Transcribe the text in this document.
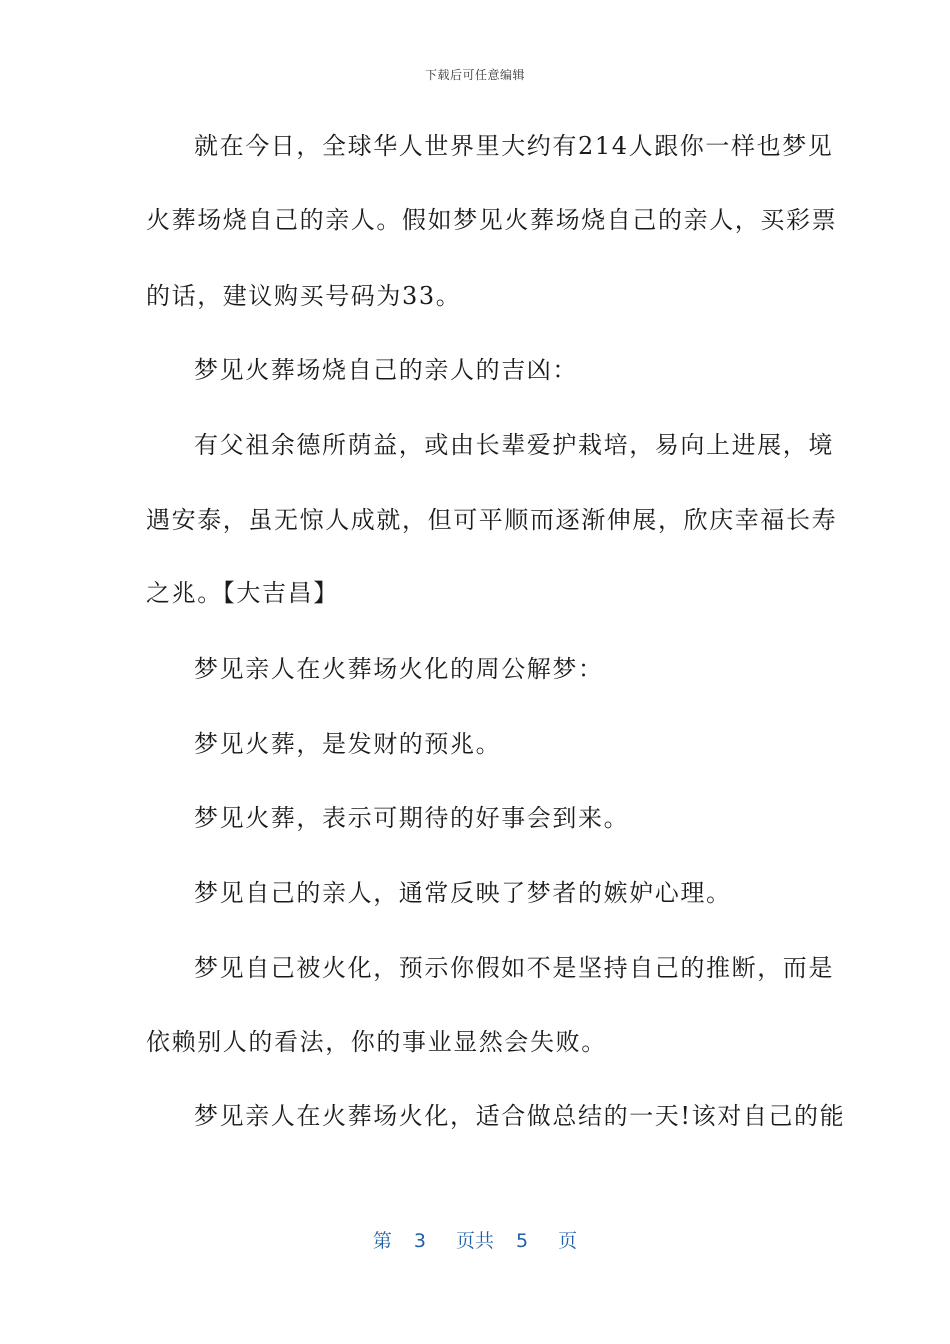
下载后可任意编辑
就在今日，全球华人世界里大约有214人跟你一样也梦见
火葬场烧自己的亲人。假如梦见火葬场烧自己的亲人，买彩票
的话，建议购买号码为33。
梦见火葬场烧自己的亲人的吉凶：
有父祖余德所荫益，或由长辈爱护栽培，易向上进展，境
遇安泰，虽无惊人成就，但可平顺而逐渐伸展，欣庆幸福长寿
之兆。【大吉昌】
梦见亲人在火葬场火化的周公解梦：
梦见火葬，是发财的预兆。
梦见火葬，表示可期待的好事会到来。
梦见自己的亲人，通常反映了梦者的嫉妒心理。
梦见自己被火化，预示你假如不是坚持自己的推断，而是
依赖别人的看法，你的事业显然会失败。
梦见亲人在火葬场火化，适合做总结的一天!该对自己的能
第 3 页共 5 页
